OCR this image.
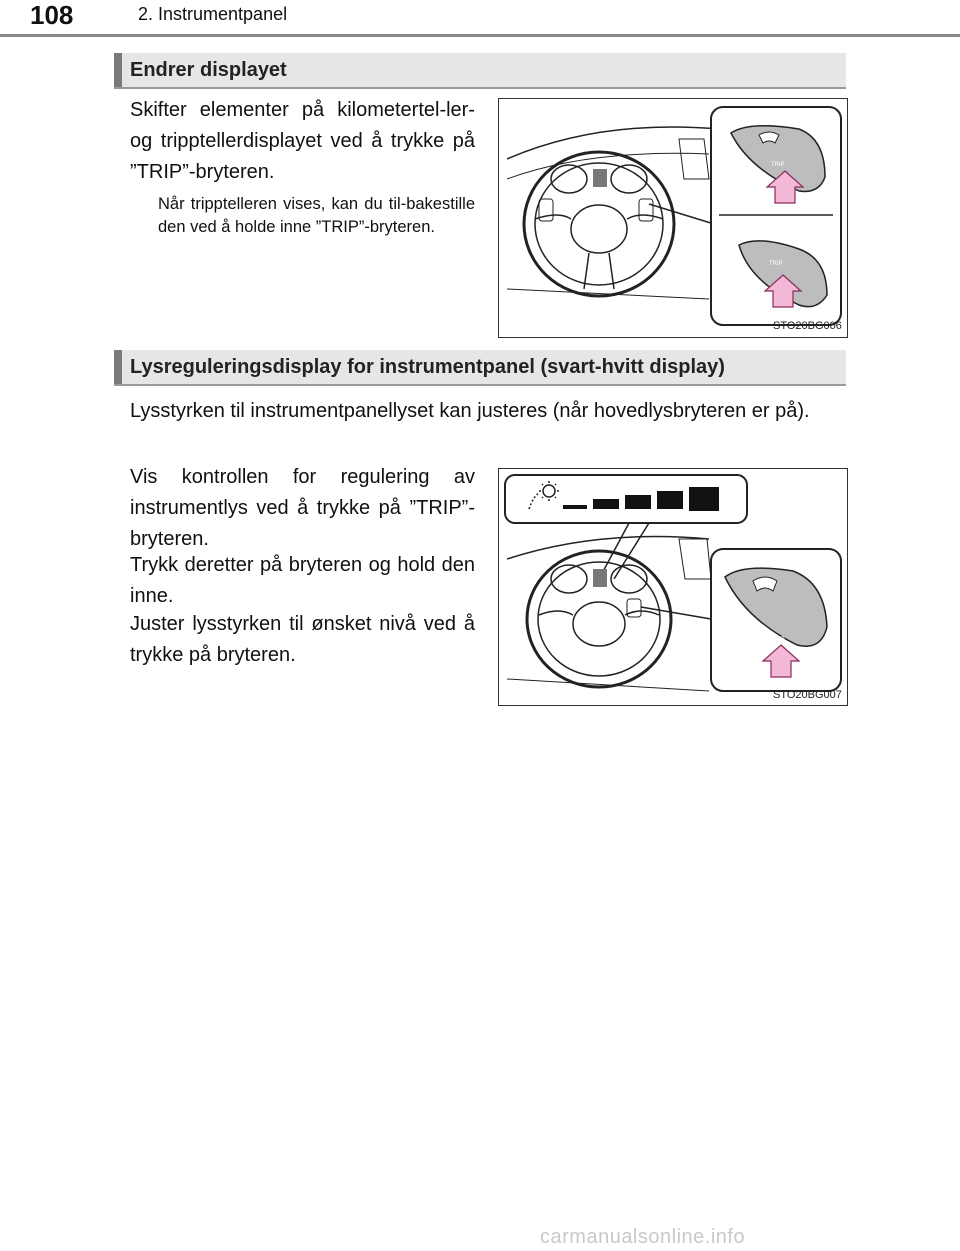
108	2. Instrumentpanel
Endrer displayet
Skifter elementer på kilometertel-ler- og tripptellerdisplayet ved å trykke på ”TRIP”-bryteren.
Når tripptelleren vises, kan du til-bakestille den ved å holde inne ”TRIP”-bryteren.
TRIP
TRIP
STO20BG006
Lysreguleringsdisplay for instrumentpanel (svart-hvitt display)
Lysstyrken til instrumentpanellyset kan justeres (når hovedlysbryteren er på).
Vis kontrollen for regulering av instrumentlys ved å trykke på ”TRIP”-bryteren.
Trykk deretter på bryteren og hold den inne.
Juster lysstyrken til ønsket nivå ved å trykke på bryteren.
TRIP
STO20BG007
carmanualsonline.info
